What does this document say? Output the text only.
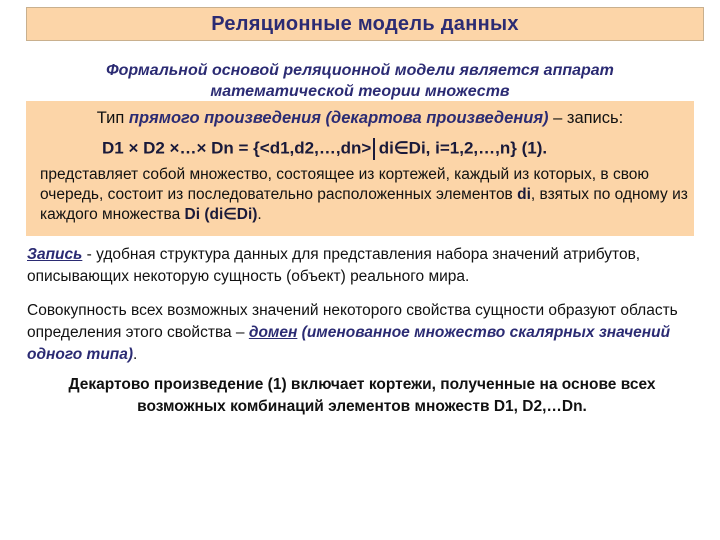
Реляционные модель данных
Формальной основой реляционной модели является аппарат
математической теории множеств
Тип прямого произведения (декартова произведения) – запись:
D1 × D2 ×…× Dn = {<d1,d2,…,dn> di∈Di, i=1,2,…,n} (1).
представляет собой множество, состоящее из кортежей, каждый из которых, в свою очередь, состоит из последовательно расположенных элементов di, взятых по одному из каждого множества Di (di∈Di).
Запись - удобная структура данных для представления набора значений атрибутов, описывающих некоторую сущность (объект) реального мира.
Совокупность всех возможных значений некоторого свойства сущности образуют область определения этого свойства – домен (именованное множество скалярных значений одного типа).
Декартово произведение (1) включает кортежи, полученные на основе всех возможных комбинаций элементов множеств D1, D2,…Dn.
